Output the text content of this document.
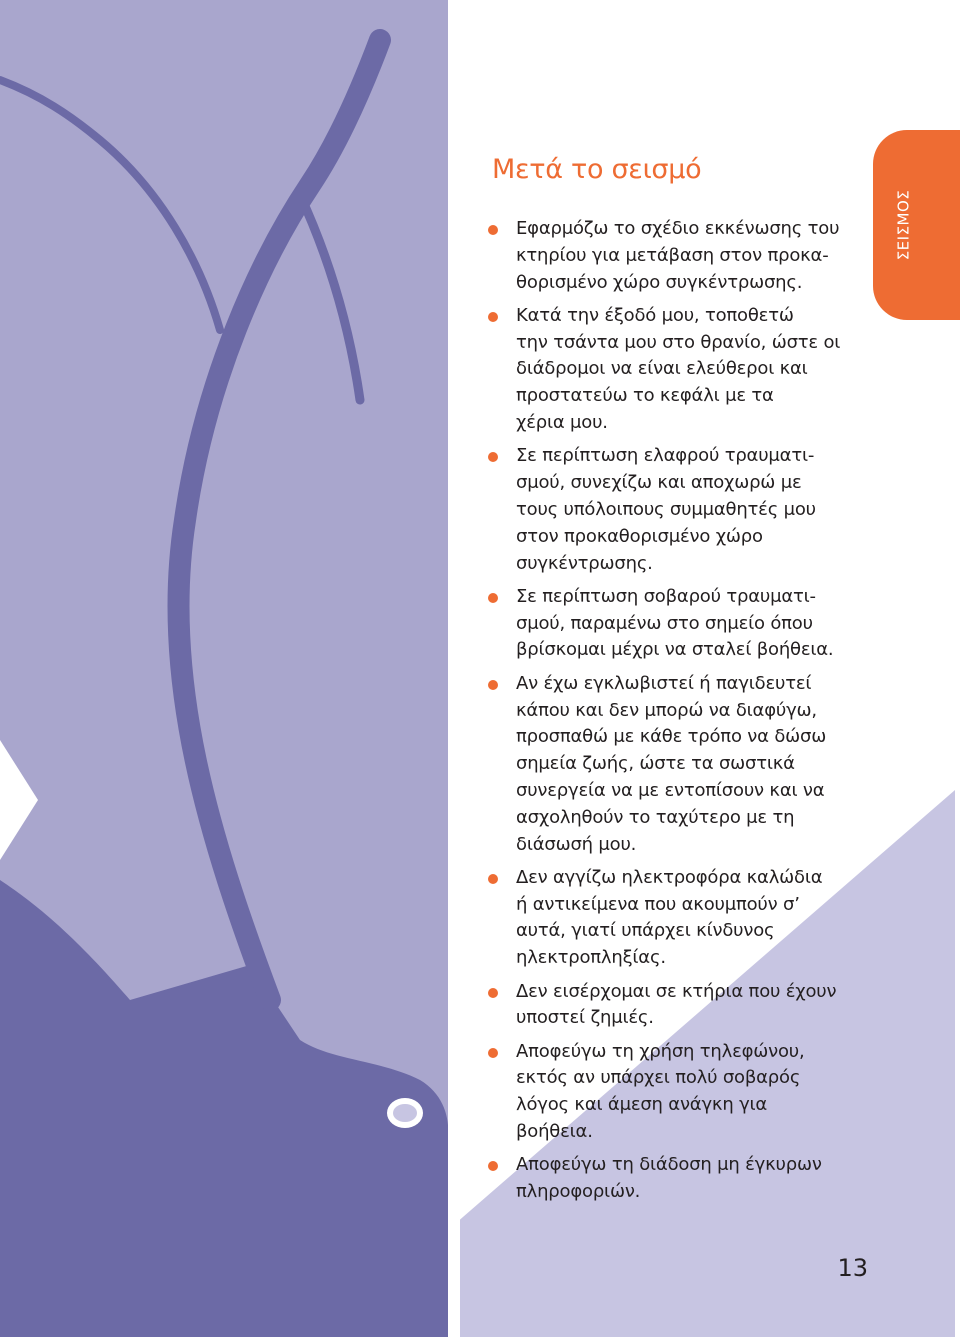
ΣΕΙΣΜΟΣ
Μετά το σεισμό
Εφαρμόζω το σχέδιο εκκένωσης του
κτηρίου για μετάβαση στον προκα-
θορισμένο χώρο συγκέντρωσης.
Κατά την έξοδό μου, τοποθετώ
την τσάντα μου στο θρανίο, ώστε οι
διάδρομοι να είναι ελεύθεροι και
προστατεύω το κεφάλι με τα
χέρια μου.
Σε περίπτωση ελαφρού τραυματι-
σμού, συνεχίζω και αποχωρώ με
τους υπόλοιπους συμμαθητές μου
στον προκαθορισμένο χώρο
συγκέντρωσης.
Σε περίπτωση σοβαρού τραυματι-
σμού, παραμένω στο σημείο όπου
βρίσκομαι μέχρι να σταλεί βοήθεια.
Αν έχω εγκλωβιστεί ή παγιδευτεί
κάπου και δεν μπορώ να διαφύγω,
προσπαθώ με κάθε τρόπο να δώσω
σημεία ζωής, ώστε τα σωστικά
συνεργεία να με εντοπίσουν και να
ασχοληθούν το ταχύτερο με τη
διάσωσή μου.
Δεν αγγίζω ηλεκτροφόρα καλώδια
ή αντικείμενα που ακουμπούν σ’
αυτά, γιατί υπάρχει κίνδυνος
ηλεκτροπληξίας.
Δεν εισέρχομαι σε κτήρια που έχουν
υποστεί ζημιές.
Αποφεύγω τη χρήση τηλεφώνου,
εκτός αν υπάρχει πολύ σοβαρός
λόγος και άμεση ανάγκη για
βοήθεια.
Αποφεύγω τη διάδοση μη έγκυρων
πληροφοριών.
13
